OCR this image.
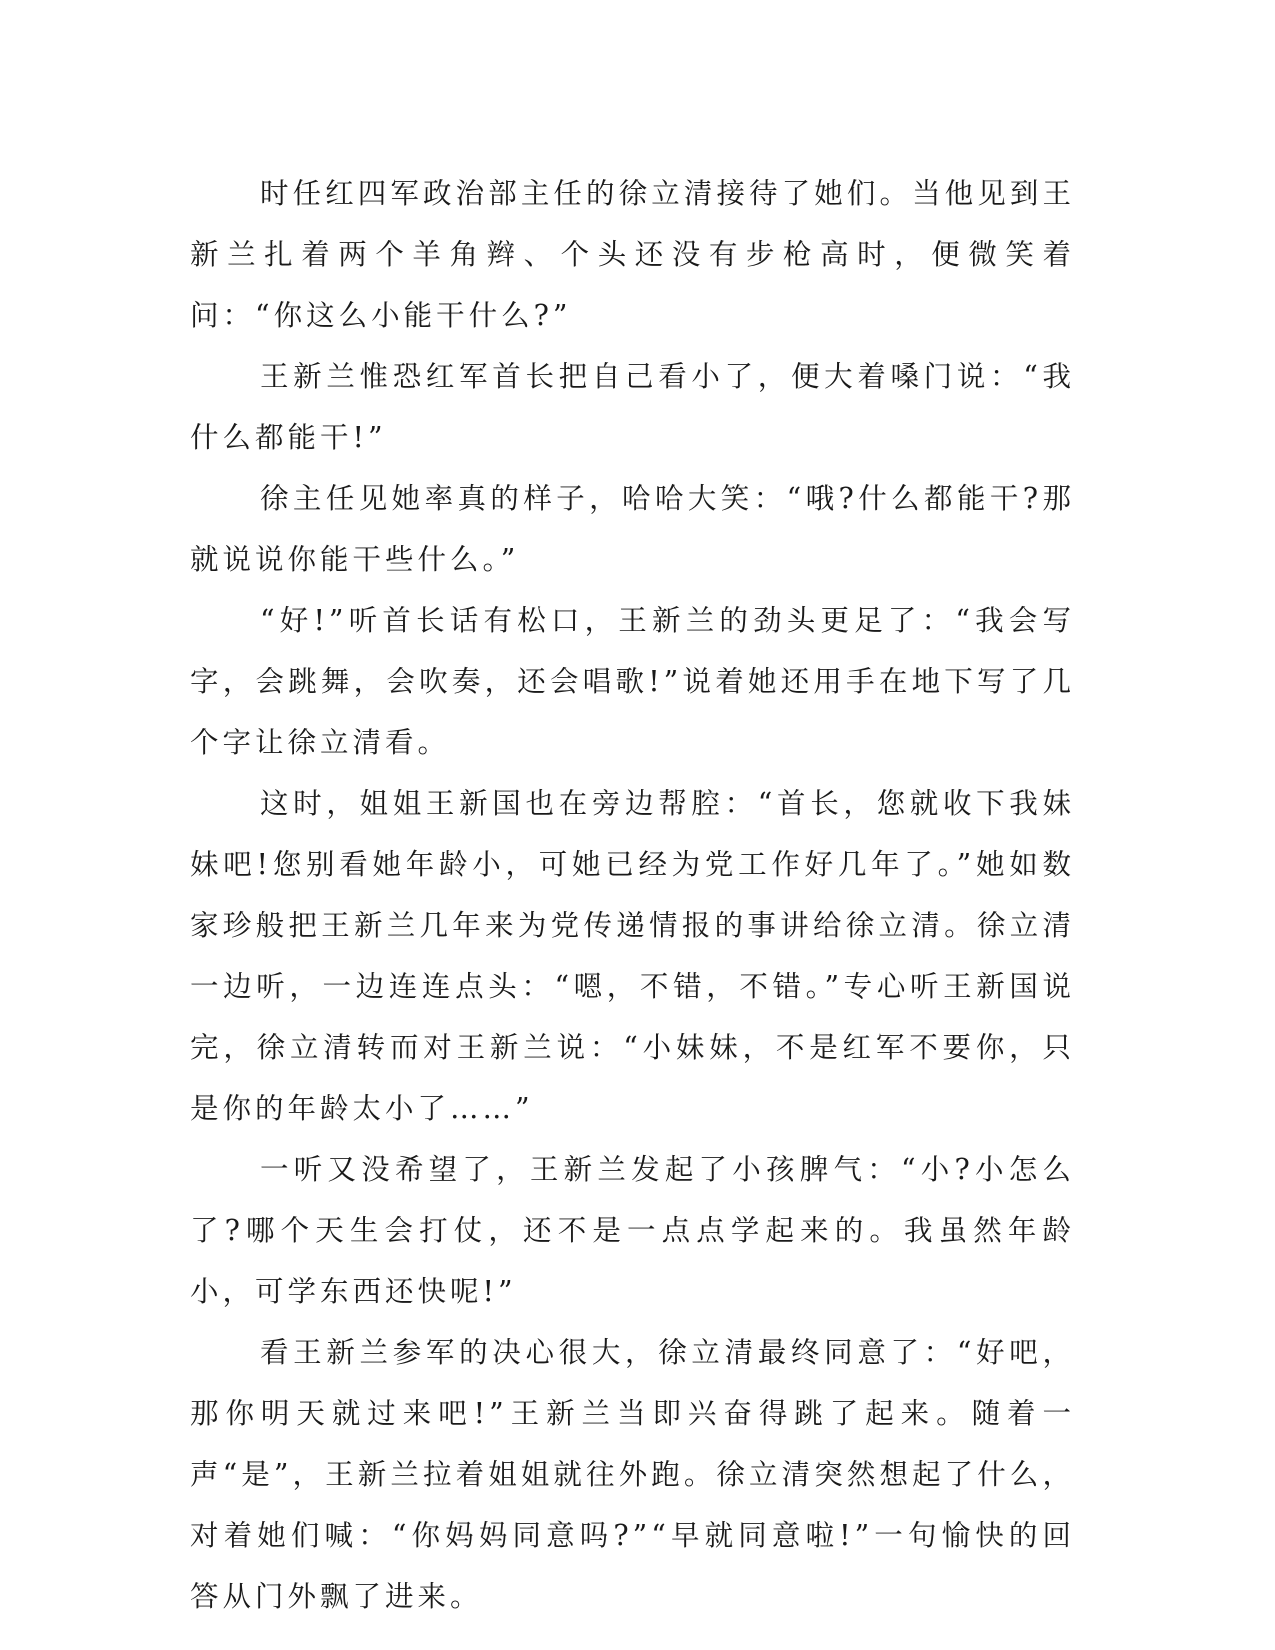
时任红四军政治部主任的徐立清接待了她们。当他见到王新兰扎着两个羊角辫、个头还没有步枪高时，便微笑着问：“你这么小能干什么?”

王新兰惟恐红军首长把自己看小了，便大着嗓门说：“我什么都能干!”

徐主任见她率真的样子，哈哈大笑：“哦?什么都能干?那就说说你能干些什么。”

“好!”听首长话有松口，王新兰的劲头更足了：“我会写字，会跳舞，会吹奏，还会唱歌!”说着她还用手在地下写了几个字让徐立清看。

这时，姐姐王新国也在旁边帮腔：“首长，您就收下我妹妹吧!您别看她年龄小，可她已经为党工作好几年了。”她如数家珍般把王新兰几年来为党传递情报的事讲给徐立清。徐立清一边听，一边连连点头：“嗯，不错，不错。”专心听王新国说完，徐立清转而对王新兰说：“小妹妹，不是红军不要你，只是你的年龄太小了……”

一听又没希望了，王新兰发起了小孩脾气：“小?小怎么了?哪个天生会打仗，还不是一点点学起来的。我虽然年龄小，可学东西还快呢!”

看王新兰参军的决心很大，徐立清最终同意了：“好吧，那你明天就过来吧!”王新兰当即兴奋得跳了起来。随着一声“是”，王新兰拉着姐姐就往外跑。徐立清突然想起了什么，对着她们喊：“你妈妈同意吗?”“早就同意啦!”一句愉快的回答从门外飘了进来。
